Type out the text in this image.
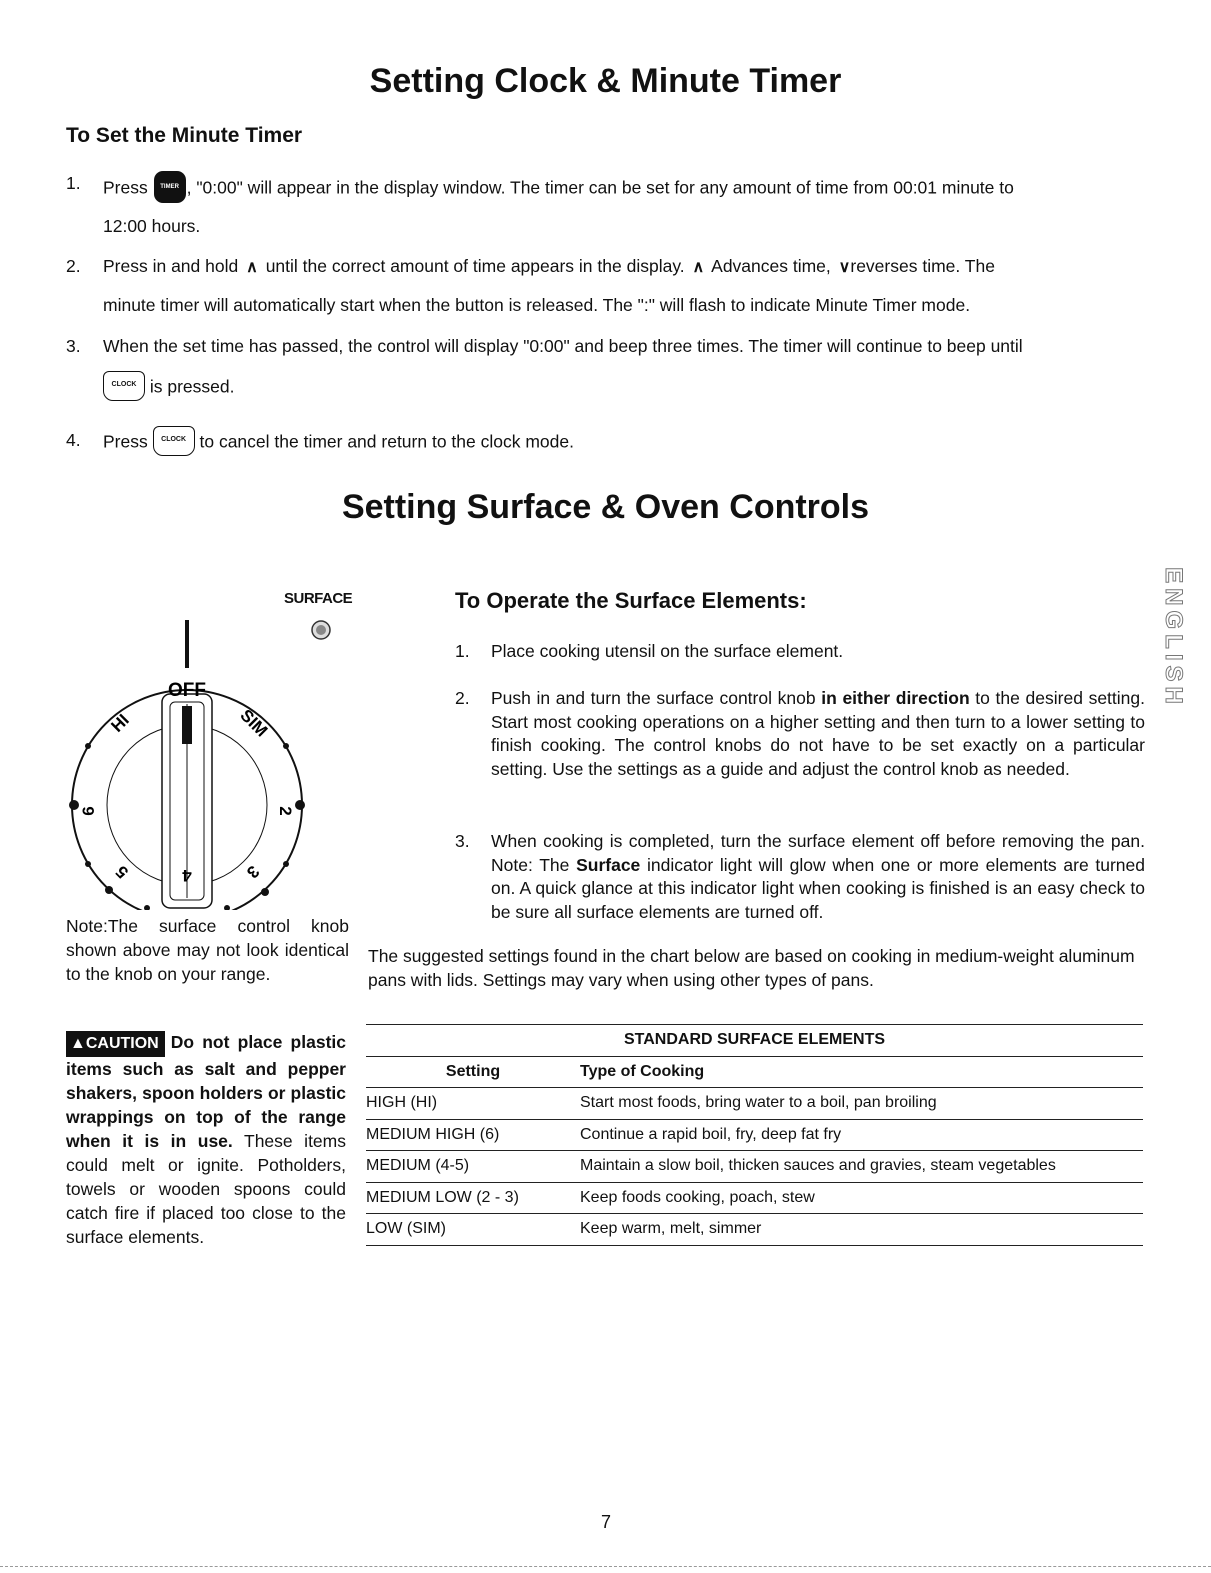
Setting Clock & Minute Timer
To Set the Minute Timer
1. Press TIMER , "0:00" will appear in the display window. The timer can be set for any amount of time from 00:01 minute to
12:00 hours.
2. Press in and hold ∧ until the correct amount of time appears in the display. ∧ Advances time, ∨reverses time. The
minute timer will automatically start when the button is released. The ":" will flash to indicate Minute Timer mode.
3. When the set time has passed, the control will display "0:00" and beep three times. The timer will continue to beep until
CLOCK is pressed.
4. Press CLOCK to cancel the timer and return to the clock mode.
Setting Surface & Oven Controls
SURFACE
OFF
HI	SIM
6	2
5	3
4
Note:The surface control knob shown above may not look identical to the knob on your range.
▲CAUTION Do not place plastic items such as salt and pepper shakers, spoon holders or plastic wrappings on top of the range when it is in use. These items could melt or ignite. Potholders, towels or wooden spoons could catch fire if placed too close to the surface elements.
To Operate the Surface Elements:
1. Place cooking utensil on the surface element.
2. Push in and turn the surface control knob in either direction to the desired setting. Start most cooking operations on a higher setting and then turn to a lower setting to finish cooking. The control knobs do not have to be set exactly on a particular setting. Use the settings as a guide and adjust the control knob as needed.
3. When cooking is completed, turn the surface element off before removing the pan. Note: The Surface indicator light will glow when one or more elements are turned on. A quick glance at this indicator light when cooking is finished is an easy check to be sure all surface elements are turned off.
The suggested settings found in the chart below are based on cooking in medium-weight aluminum pans with lids. Settings may vary when using other types of pans.
STANDARD SURFACE ELEMENTS	
Setting	Type of Cooking
HIGH (HI)	Start most foods, bring water to a boil, pan broiling
MEDIUM HIGH (6)	Continue a rapid boil, fry, deep fat fry
MEDIUM (4-5)	Maintain a slow boil, thicken sauces and gravies, steam vegetables
MEDIUM LOW (2 - 3)	Keep foods cooking, poach, stew
LOW (SIM)	Keep warm, melt, simmer
ENGLISH
7
